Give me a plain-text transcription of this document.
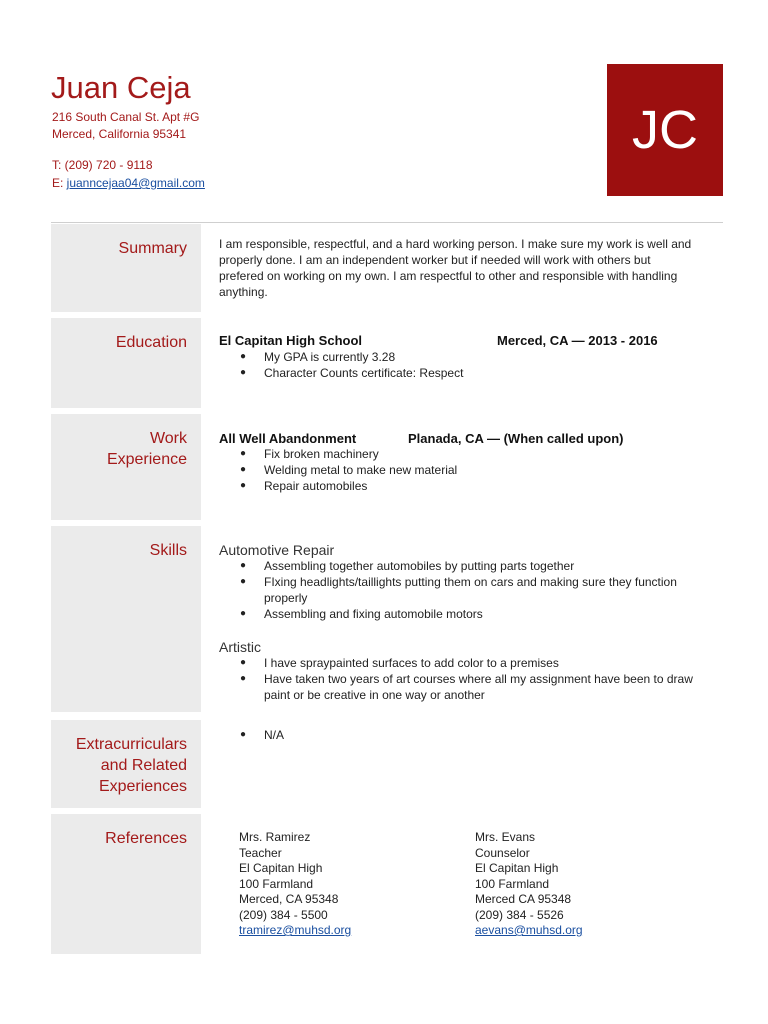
Juan Ceja
216 South Canal St. Apt #G
Merced, California 95341
T: (209) 720 - 9118
E: juanncejaa04@gmail.com
JC
Summary	I am responsible, respectful, and a hard working person. I make sure my work is well and
properly done. I am an independent worker but if needed will work with others but
prefered on working on my own. I am respectful to other and responsible with handling
anything.
Education	El Capitan High School	Merced, CA — 2013 - 2016
● My GPA is currently 3.28
● Character Counts certificate: Respect
Work
Experience
All Well Abandonment	Planada, CA — (When called upon)
● Fix broken machinery
● Welding metal to make new material
● Repair automobiles
Skills	Automotive Repair
● Assembling together automobiles by putting parts together
● FIxing headlights/taillights putting them on cars and making sure they function
properly
● Assembling and fixing automobile motors
Artistic
● I have spraypainted surfaces to add color to a premises
● Have taken two years of art courses where all my assignment have been to draw
paint or be creative in one way or another
Extracurriculars
and Related
Experiences
● N/A
References	Mrs. Ramirez
Teacher
El Capitan High
100 Farmland
Merced, CA 95348
(209) 384 - 5500
tramirez@muhsd.org
Mrs. Evans
Counselor
El Capitan High
100 Farmland
Merced CA 95348
(209) 384 - 5526
aevans@muhsd.org
